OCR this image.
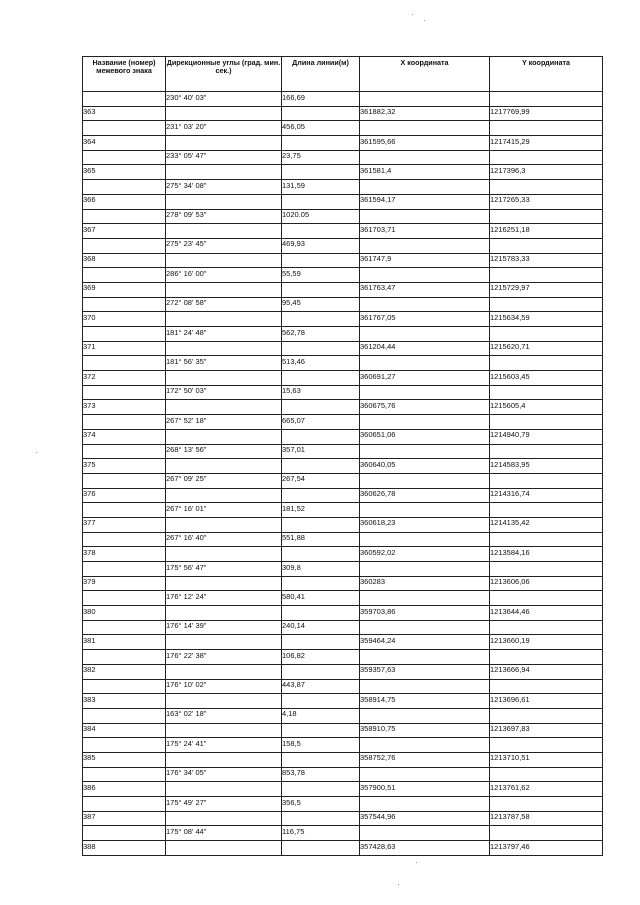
Название (номер) межевого знака	Дирекционные углы (град. мин. сек.)	Длина линии(м)	X координата	Y координата
	230° 40' 03"	166,69		
363			361882,32	1217769,99
	231° 03' 20"	456,05		
364			361595,66	1217415,29
	233° 05' 47"	23,75		
365			361581,4	1217396,3
	275° 34' 08"	131,59		
366			361594,17	1217265,33
	278° 09' 53"	1020.05		
367			361703,71	1216251,18
	275° 23' 45"	469,93		
368			361747,9	1215783,33
	286° 16' 00"	55,59		
369			361763,47	1215729,97
	272° 08' 58"	95,45		
370			361767,05	1215634,59
	181° 24' 48"	562,78		
371			361204,44	1215620,71
	181° 56' 35"	513,46		
372			360691,27	1215603,45
	172° 50' 03"	15,63		
373			360675,76	1215605,4
	267° 52' 18"	665,07		
374			360651,06	1214940,79
	268° 13' 56"	357,01		
375			360640,05	1214583,95
	267° 09' 25"	267,54		
376			360626,78	1214316,74
	267° 16' 01"	181,52		
377			360618,23	1214135,42
	267° 16' 40"	551,88		
378			360592,02	1213584,16
	175° 56' 47"	309,8		
379			360283	1213606,06
	176° 12' 24"	580,41		
380			359703,86	1213644,46
	176° 14' 39"	240,14		
381			359464,24	1213660,19
	176° 22' 38"	106,82		
382			359357,63	1213666,94
	176° 10' 02"	443,87		
383			358914,75	1213696,61
	163° 02' 18"	4,18		
384			358910,75	1213697,83
	175° 24' 41"	158,5		
385			358752,76	1213710,51
	176° 34' 05"	853,78		
386			357900,51	1213761,62
	175° 49' 27"	356,5		
387			357544,96	1213787,58
	175° 08' 44"	116,75		
388			357428,63	1213797,46
